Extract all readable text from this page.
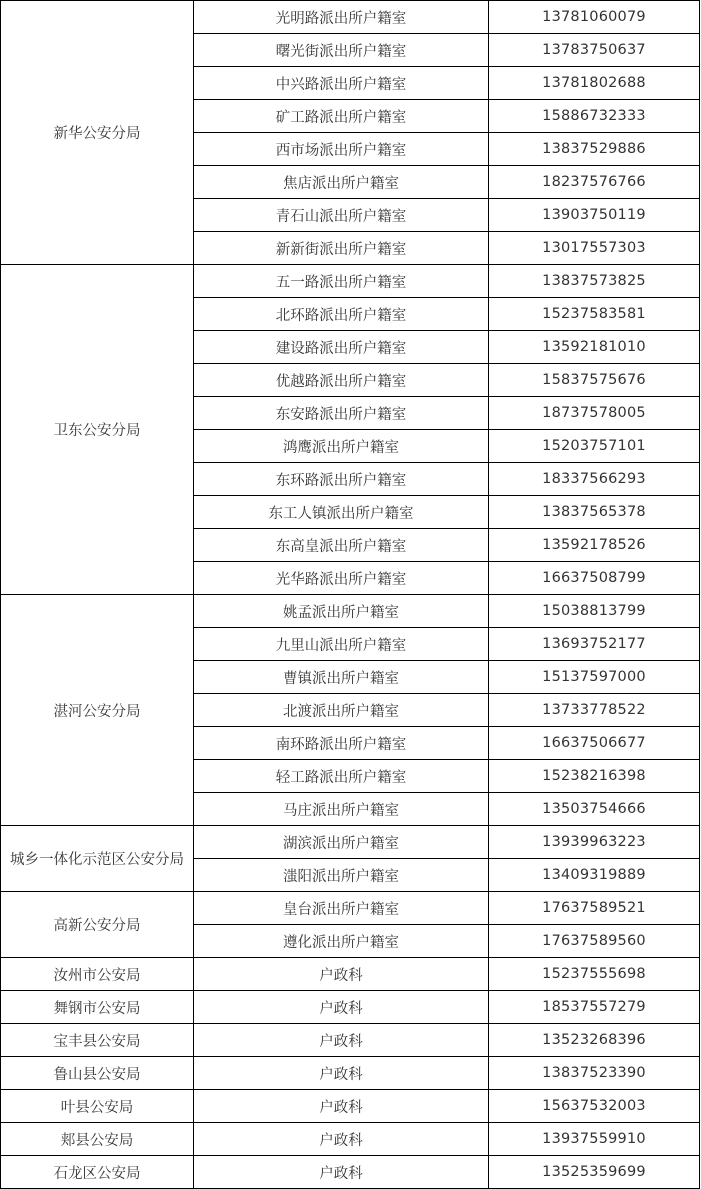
新华公安分局	光明路派出所户籍室	13781060079
	曙光街派出所户籍室	13783750637
	中兴路派出所户籍室	13781802688
	矿工路派出所户籍室	15886732333
	西市场派出所户籍室	13837529886
	焦店派出所户籍室	18237576766
	青石山派出所户籍室	13903750119
	新新街派出所户籍室	13017557303
卫东公安分局	五一路派出所户籍室	13837573825
	北环路派出所户籍室	15237583581
	建设路派出所户籍室	13592181010
	优越路派出所户籍室	15837575676
	东安路派出所户籍室	18737578005
	鸿鹰派出所户籍室	15203757101
	东环路派出所户籍室	18337566293
	东工人镇派出所户籍室	13837565378
	东高皇派出所户籍室	13592178526
	光华路派出所户籍室	16637508799
湛河公安分局	姚孟派出所户籍室	15038813799
	九里山派出所户籍室	13693752177
	曹镇派出所户籍室	15137597000
	北渡派出所户籍室	13733778522
	南环路派出所户籍室	16637506677
	轻工路派出所户籍室	15238216398
	马庄派出所户籍室	13503754666
城乡一体化示范区公安分局	湖滨派出所户籍室	13939963223
	滍阳派出所户籍室	13409319889
高新公安分局	皇台派出所户籍室	17637589521
	遵化派出所户籍室	17637589560
汝州市公安局	户政科	15237555698
舞钢市公安局	户政科	18537557279
宝丰县公安局	户政科	13523268396
鲁山县公安局	户政科	13837523390
叶县公安局	户政科	15637532003
郏县公安局	户政科	13937559910
石龙区公安局	户政科	13525359699
